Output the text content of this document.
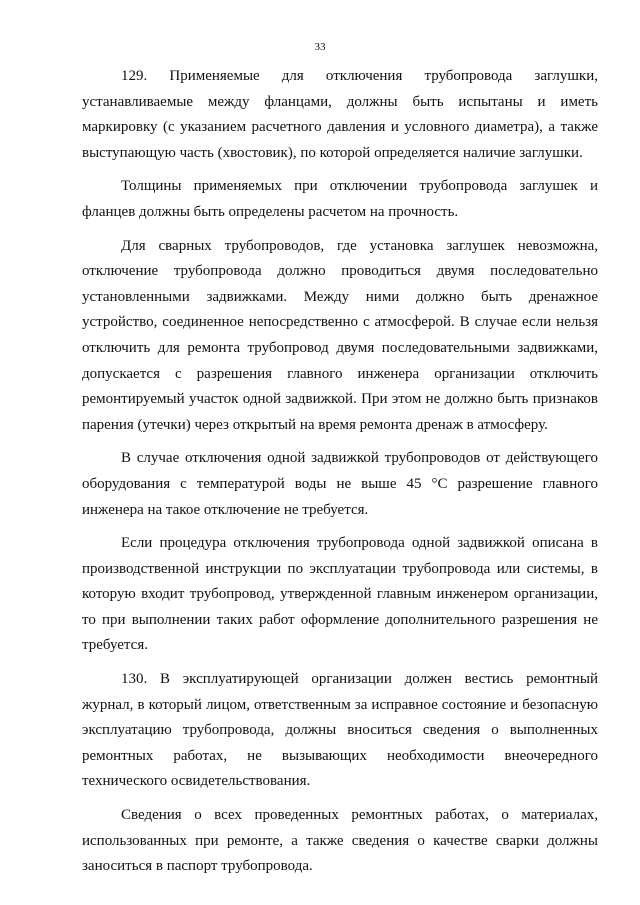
33

129. Применяемые для отключения трубопровода заглушки, устанавливаемые между фланцами, должны быть испытаны и иметь маркировку (с указанием расчетного давления и условного диаметра), а также выступающую часть (хвостовик), по которой определяется наличие заглушки.

Толщины применяемых при отключении трубопровода заглушек и фланцев должны быть определены расчетом на прочность.

Для сварных трубопроводов, где установка заглушек невозможна, отключение трубопровода должно проводиться двумя последовательно установленными задвижками. Между ними должно быть дренажное устройство, соединенное непосредственно с атмосферой. В случае если нельзя отключить для ремонта трубопровод двумя последовательными задвижками, допускается с разрешения главного инженера организации отключить ремонтируемый участок одной задвижкой. При этом не должно быть признаков парения (утечки) через открытый на время ремонта дренаж в атмосферу.

В случае отключения одной задвижкой трубопроводов от действующего оборудования с температурой воды не выше 45 °С разрешение главного инженера на такое отключение не требуется.

Если процедура отключения трубопровода одной задвижкой описана в производственной инструкции по эксплуатации трубопровода или системы, в которую входит трубопровод, утвержденной главным инженером организации, то при выполнении таких работ оформление дополнительного разрешения не требуется.

130. В эксплуатирующей организации должен вестись ремонтный журнал, в который лицом, ответственным за исправное состояние и безопасную эксплуатацию трубопровода, должны вноситься сведения о выполненных ремонтных работах, не вызывающих необходимости внеочередного технического освидетельствования.

Сведения о всех проведенных ремонтных работах, о материалах, использованных при ремонте, а также сведения о качестве сварки должны заноситься в паспорт трубопровода.
